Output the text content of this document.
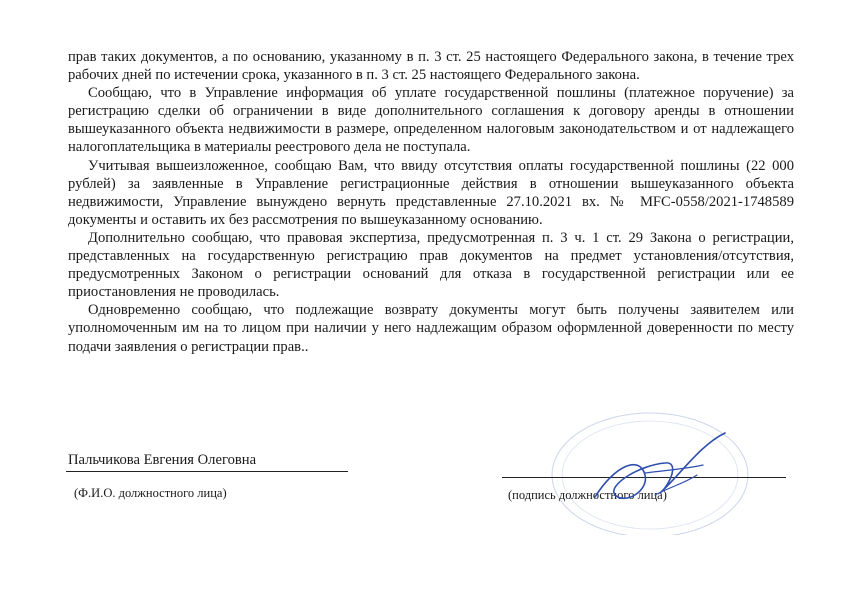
прав таких документов, а по основанию, указанному в п. 3 ст. 25 настоящего Федерального закона, в течение трех рабочих дней по истечении срока, указанного в п. 3 ст. 25 настоящего Федерального закона.

Сообщаю, что в Управление информация об уплате государственной пошлины (платежное поручение) за регистрацию сделки об ограничении в виде дополнительного соглашения к договору аренды в отношении вышеуказанного объекта недвижимости в размере, определенном налоговым законодательством и от надлежащего налогоплательщика в материалы реестрового дела не поступала.

Учитывая вышеизложенное, сообщаю Вам, что ввиду отсутствия оплаты государственной пошлины (22 000 рублей) за заявленные в Управление регистрационные действия в отношении вышеуказанного объекта недвижимости, Управление вынуждено вернуть представленные 27.10.2021 вх. № MFC-0558/2021-1748589 документы и оставить их без рассмотрения по вышеуказанному основанию.

Дополнительно сообщаю, что правовая экспертиза, предусмотренная п. 3 ч. 1 ст. 29 Закона о регистрации, представленных на государственную регистрацию прав документов на предмет установления/отсутствия, предусмотренных Законом о регистрации оснований для отказа в государственной регистрации или ее приостановления не проводилась.

Одновременно сообщаю, что подлежащие возврату документы могут быть получены заявителем или уполномоченным им на то лицом при наличии у него надлежащим образом оформленной доверенности по месту подачи заявления о регистрации прав..

Пальчикова Евгения Олеговна
(Ф.И.О. должностного лица)	(подпись должностного лица)
